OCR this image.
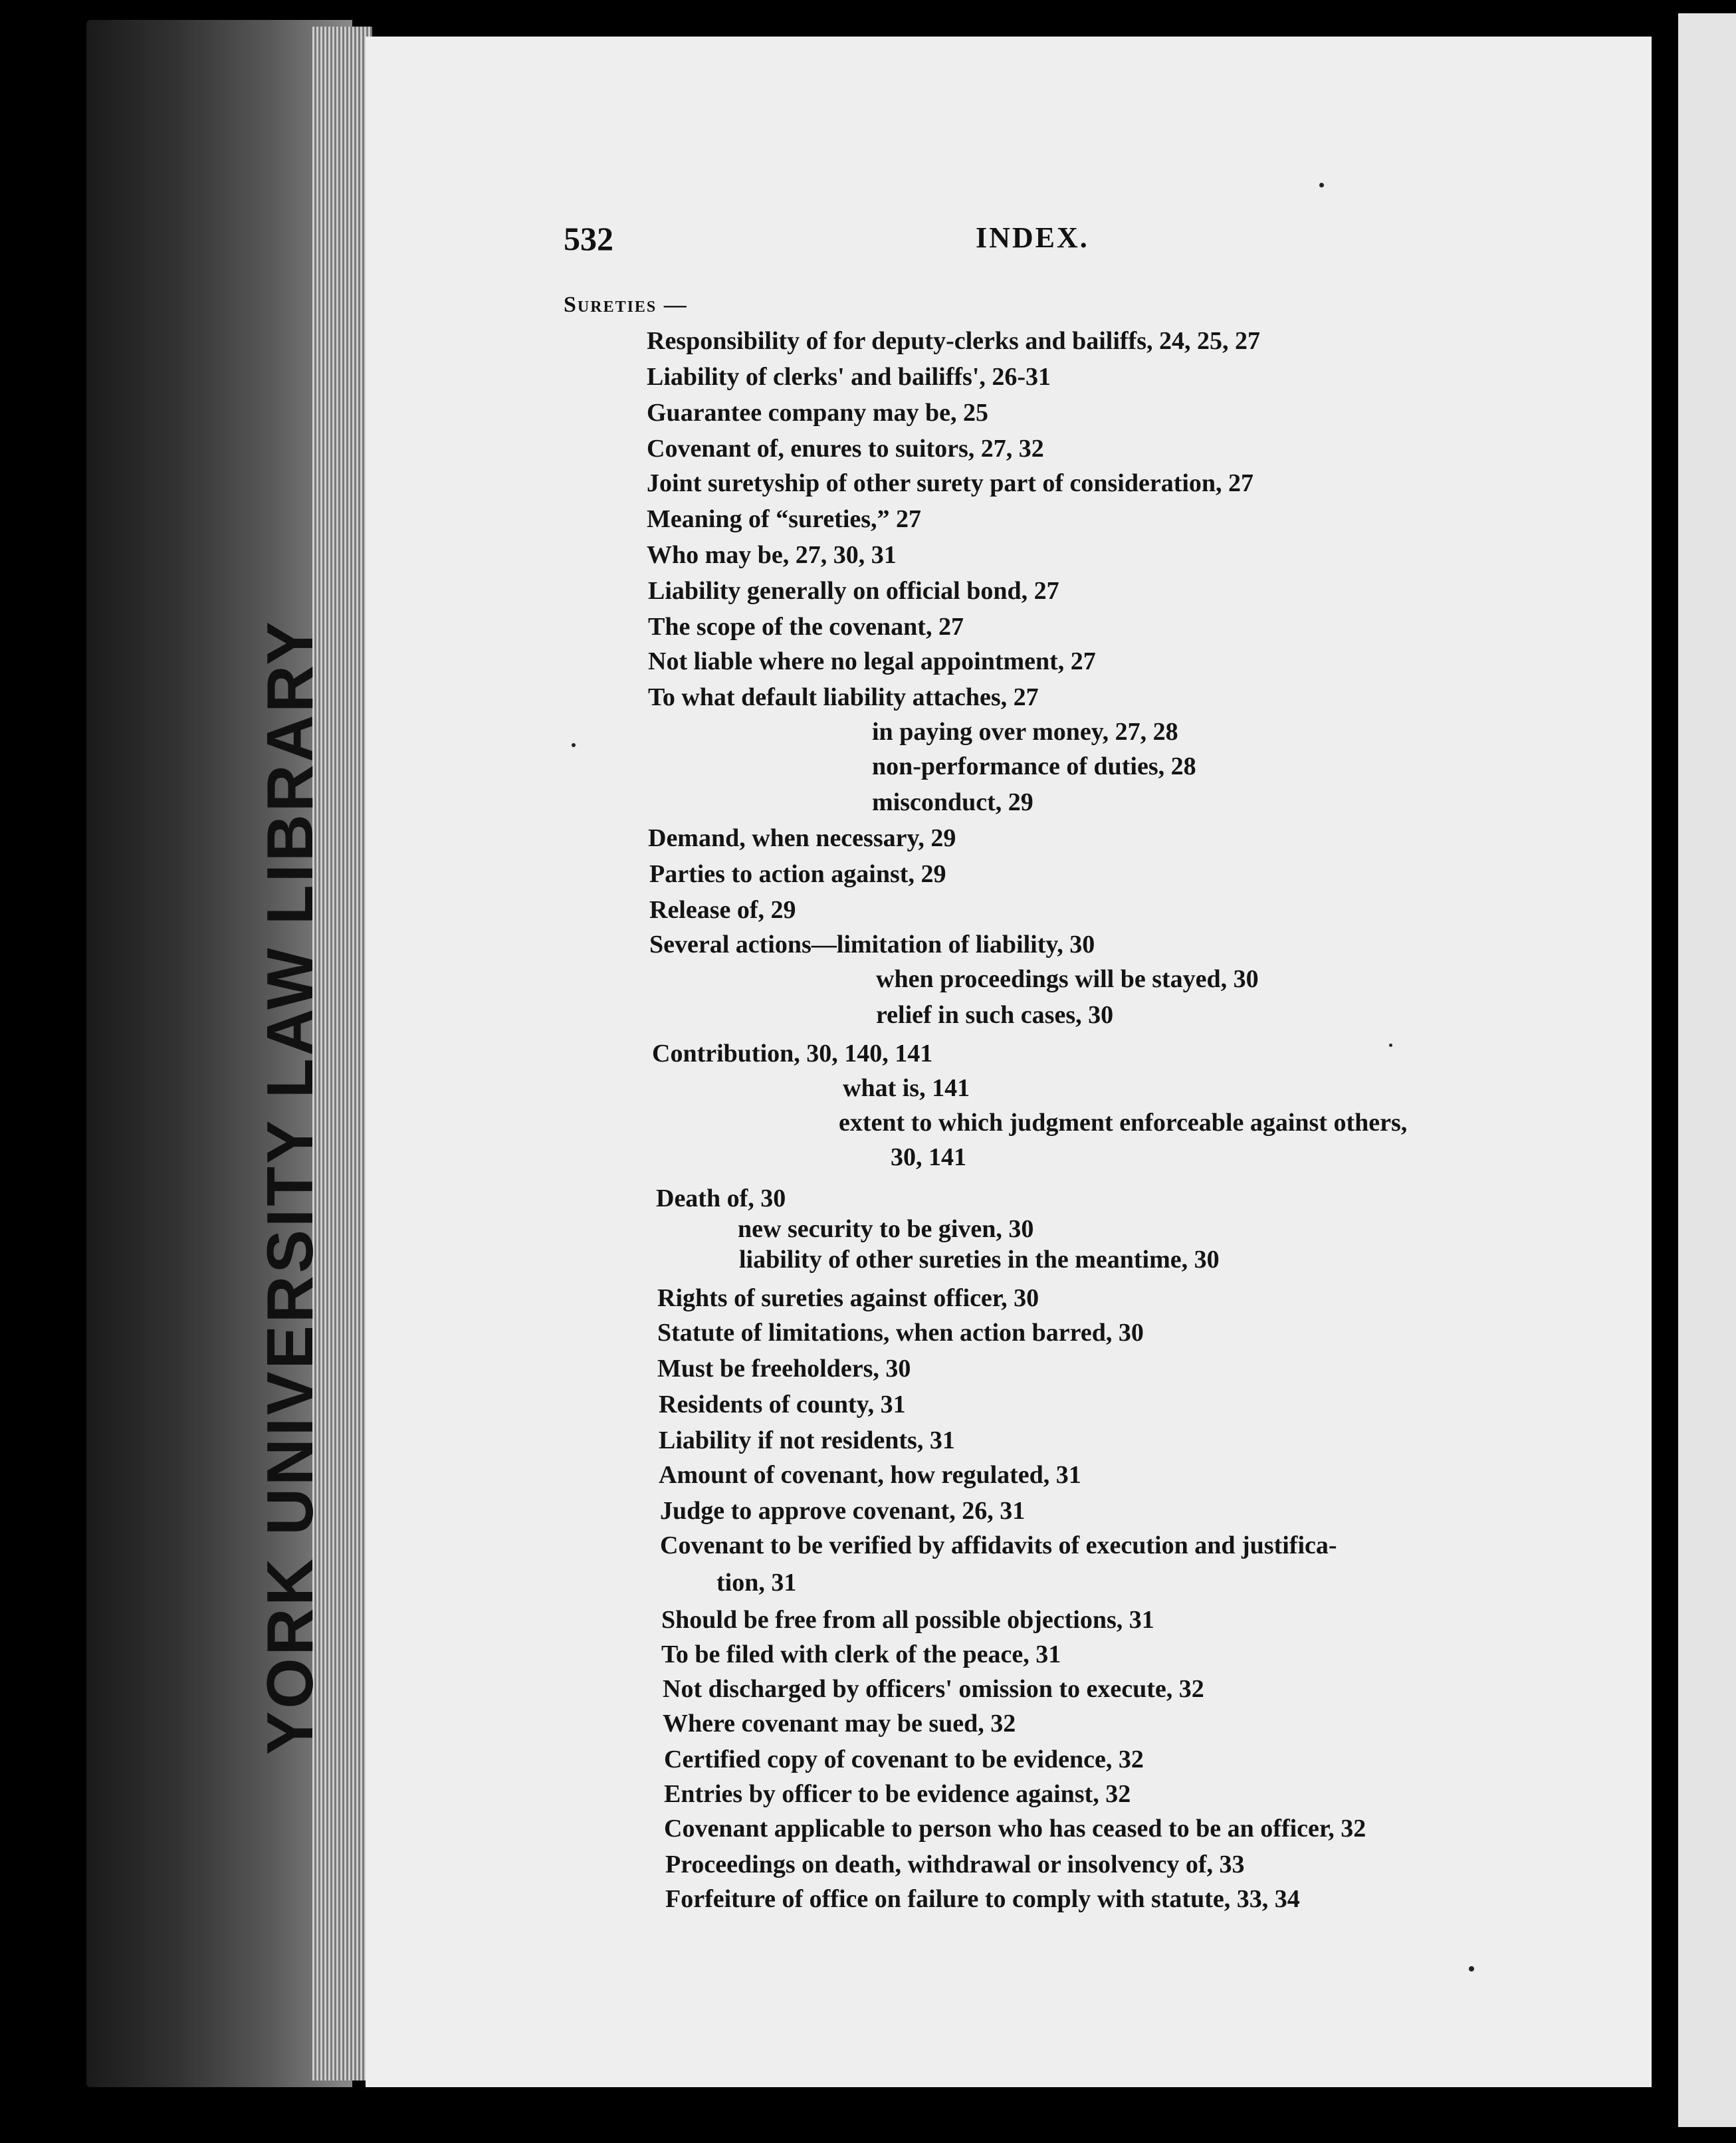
YORK UNIVERSITY LAW LIBRARY
532	INDEX.
Sureties —
Responsibility of for deputy-clerks and bailiffs, 24, 25, 27
Liability of clerks' and bailiffs', 26-31
Guarantee company may be, 25
Covenant of, enures to suitors, 27, 32
Joint suretyship of other surety part of consideration, 27
Meaning of “sureties,” 27
Who may be, 27, 30, 31
Liability generally on official bond, 27
The scope of the covenant, 27
Not liable where no legal appointment, 27
To what default liability attaches, 27
in paying over money, 27, 28
non-performance of duties, 28
misconduct, 29
Demand, when necessary, 29
Parties to action against, 29
Release of, 29
Several actions—limitation of liability, 30
when proceedings will be stayed, 30
relief in such cases, 30
Contribution, 30, 140, 141
what is, 141
extent to which judgment enforceable against others,
30, 141
Death of, 30
new security to be given, 30
liability of other sureties in the meantime, 30
Rights of sureties against officer, 30
Statute of limitations, when action barred, 30
Must be freeholders, 30
Residents of county, 31
Liability if not residents, 31
Amount of covenant, how regulated, 31
Judge to approve covenant, 26, 31
Covenant to be verified by affidavits of execution and justifica-
tion, 31
Should be free from all possible objections, 31
To be filed with clerk of the peace, 31
Not discharged by officers' omission to execute, 32
Where covenant may be sued, 32
Certified copy of covenant to be evidence, 32
Entries by officer to be evidence against, 32
Covenant applicable to person who has ceased to be an officer, 32
Proceedings on death, withdrawal or insolvency of, 33
Forfeiture of office on failure to comply with statute, 33, 34
